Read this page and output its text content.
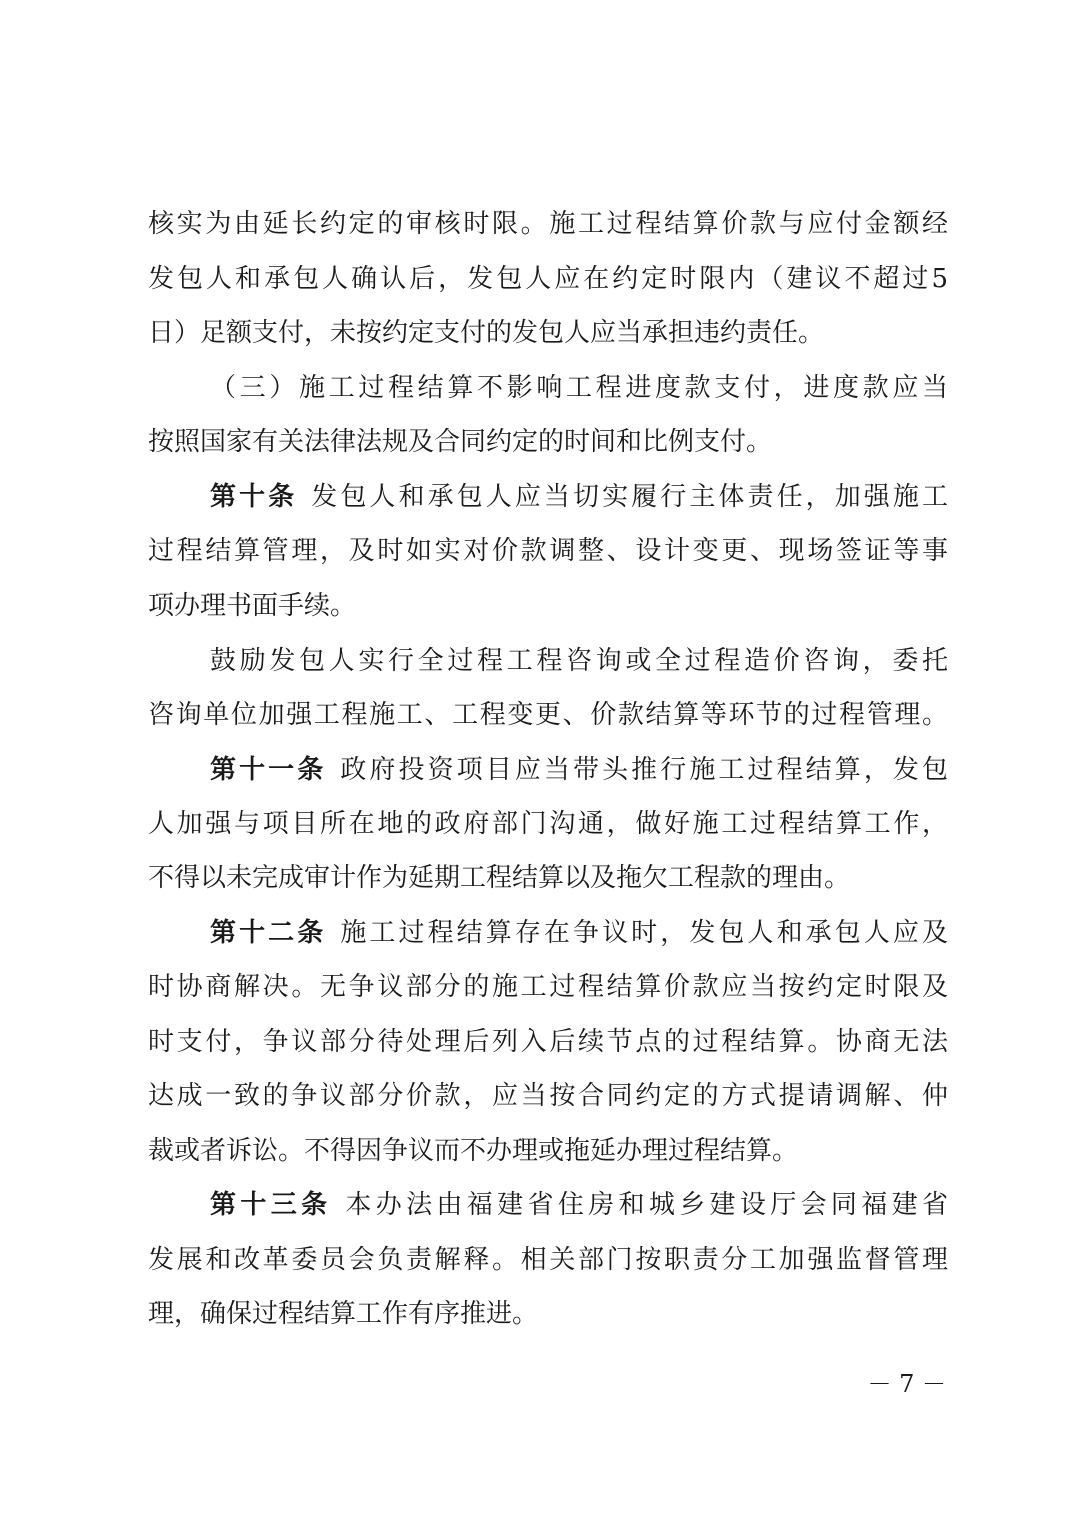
核实为由延长约定的审核时限。施工过程结算价款与应付金额经
发包人和承包人确认后，发包人应在约定时限内（建议不超过5
日）足额支付，未按约定支付的发包人应当承担违约责任。
（三）施工过程结算不影响工程进度款支付，进度款应当
按照国家有关法律法规及合同约定的时间和比例支付。
第十条 发包人和承包人应当切实履行主体责任，加强施工
过程结算管理，及时如实对价款调整、设计变更、现场签证等事
项办理书面手续。
鼓励发包人实行全过程工程咨询或全过程造价咨询，委托
咨询单位加强工程施工、工程变更、价款结算等环节的过程管理。
第十一条 政府投资项目应当带头推行施工过程结算，发包
人加强与项目所在地的政府部门沟通，做好施工过程结算工作，
不得以未完成审计作为延期工程结算以及拖欠工程款的理由。
第十二条 施工过程结算存在争议时，发包人和承包人应及
时协商解决。无争议部分的施工过程结算价款应当按约定时限及
时支付，争议部分待处理后列入后续节点的过程结算。协商无法
达成一致的争议部分价款，应当按合同约定的方式提请调解、仲
裁或者诉讼。不得因争议而不办理或拖延办理过程结算。
第十三条 本办法由福建省住房和城乡建设厅会同福建省
发展和改革委员会负责解释。相关部门按职责分工加强监督管理
理，确保过程结算工作有序推进。
－ 7 －
